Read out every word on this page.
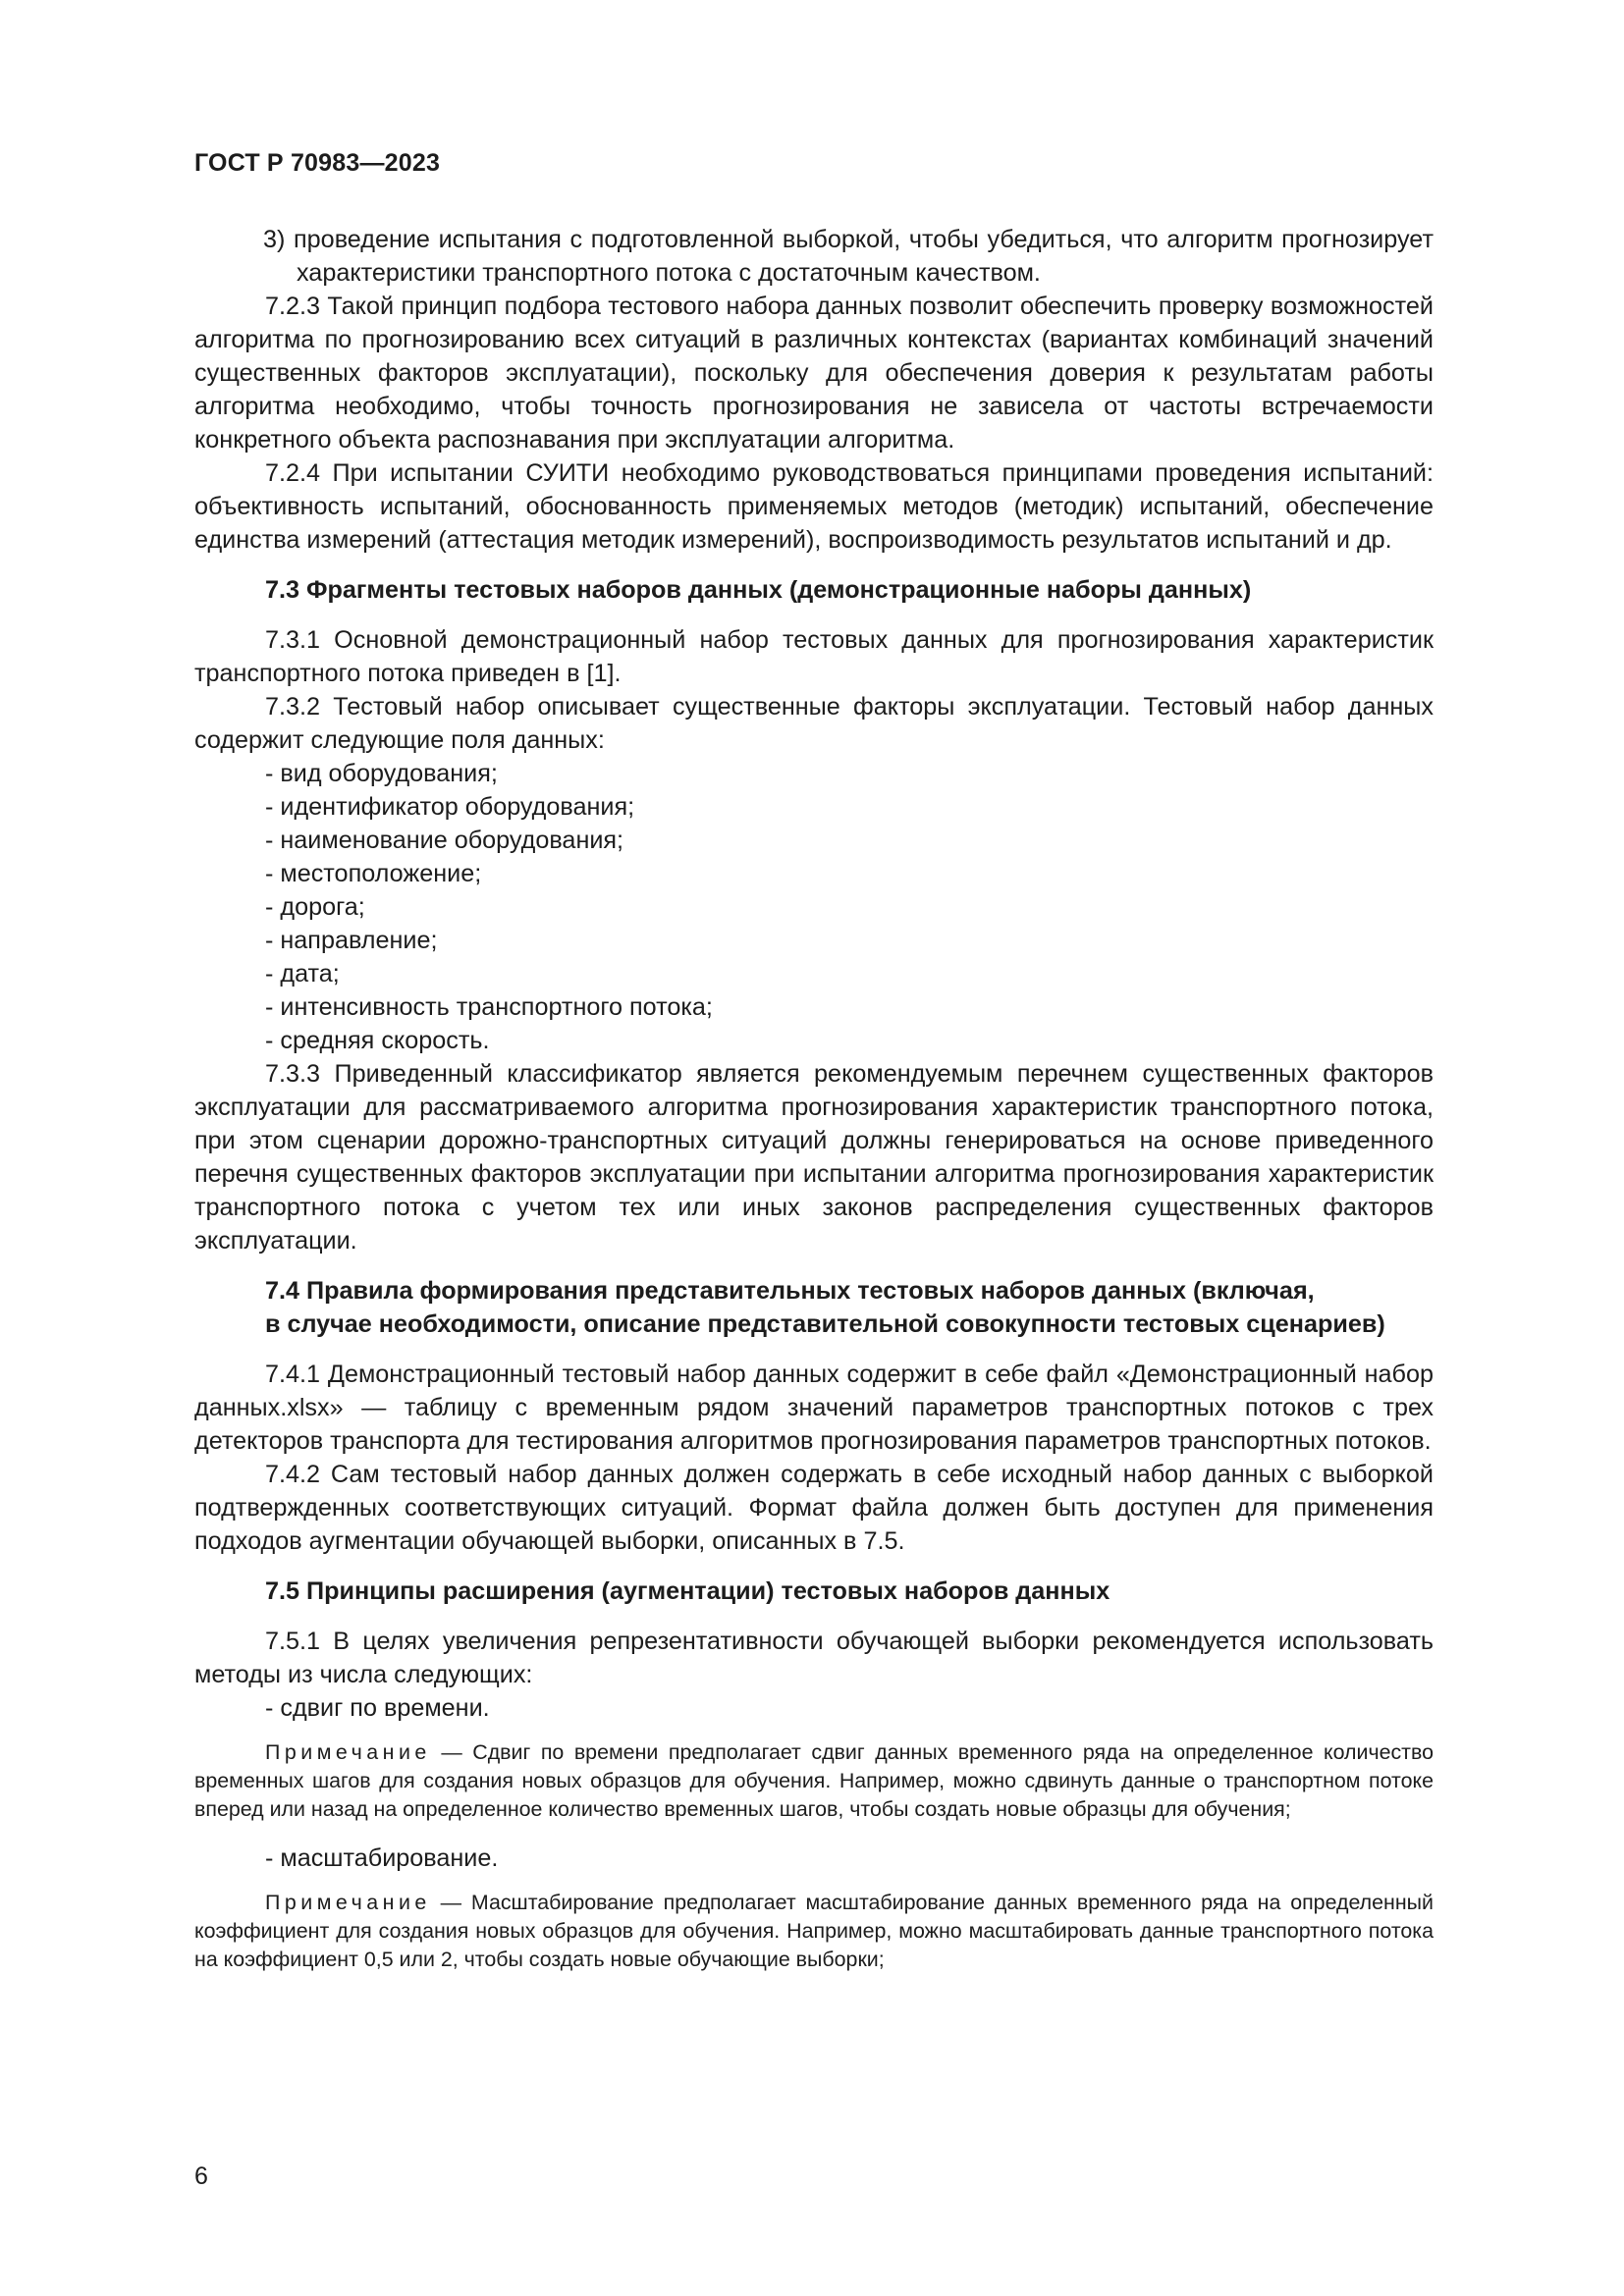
ГОСТ Р 70983—2023

3) проведение испытания с подготовленной выборкой, чтобы убедиться, что алгоритм прогнозирует характеристики транспортного потока с достаточным качеством.

7.2.3 Такой принцип подбора тестового набора данных позволит обеспечить проверку возможностей алгоритма по прогнозированию всех ситуаций в различных контекстах (вариантах комбинаций значений существенных факторов эксплуатации), поскольку для обеспечения доверия к результатам работы алгоритма необходимо, чтобы точность прогнозирования не зависела от частоты встречаемости конкретного объекта распознавания при эксплуатации алгоритма.

7.2.4 При испытании СУИТИ необходимо руководствоваться принципами проведения испытаний: объективность испытаний, обоснованность применяемых методов (методик) испытаний, обеспечение единства измерений (аттестация методик измерений), воспроизводимость результатов испытаний и др.

7.3 Фрагменты тестовых наборов данных (демонстрационные наборы данных)

7.3.1 Основной демонстрационный набор тестовых данных для прогнозирования характеристик транспортного потока приведен в [1].

7.3.2 Тестовый набор описывает существенные факторы эксплуатации. Тестовый набор данных содержит следующие поля данных:

- вид оборудования;

- идентификатор оборудования;

- наименование оборудования;

- местоположение;

- дорога;

- направление;

- дата;

- интенсивность транспортного потока;

- средняя скорость.

7.3.3 Приведенный классификатор является рекомендуемым перечнем существенных факторов эксплуатации для рассматриваемого алгоритма прогнозирования характеристик транспортного потока, при этом сценарии дорожно-транспортных ситуаций должны генерироваться на основе приведенного перечня существенных факторов эксплуатации при испытании алгоритма прогнозирования характеристик транспортного потока с учетом тех или иных законов распределения существенных факторов эксплуатации.

7.4 Правила формирования представительных тестовых наборов данных (включая,
в случае необходимости, описание представительной совокупности тестовых сценариев)

7.4.1 Демонстрационный тестовый набор данных содержит в себе файл «Демонстрационный набор данных.xlsx» — таблицу с временным рядом значений параметров транспортных потоков с трех детекторов транспорта для тестирования алгоритмов прогнозирования параметров транспортных потоков.

7.4.2 Сам тестовый набор данных должен содержать в себе исходный набор данных с выборкой подтвержденных соответствующих ситуаций. Формат файла должен быть доступен для применения подходов аугментации обучающей выборки, описанных в 7.5.

7.5 Принципы расширения (аугментации) тестовых наборов данных

7.5.1 В целях увеличения репрезентативности обучающей выборки рекомендуется использовать методы из числа следующих:

- сдвиг по времени.

Примечание — Сдвиг по времени предполагает сдвиг данных временного ряда на определенное количество временных шагов для создания новых образцов для обучения. Например, можно сдвинуть данные о транспортном потоке вперед или назад на определенное количество временных шагов, чтобы создать новые образцы для обучения;

- масштабирование.

Примечание — Масштабирование предполагает масштабирование данных временного ряда на определенный коэффициент для создания новых образцов для обучения. Например, можно масштабировать данные транспортного потока на коэффициент 0,5 или 2, чтобы создать новые обучающие выборки;

6
